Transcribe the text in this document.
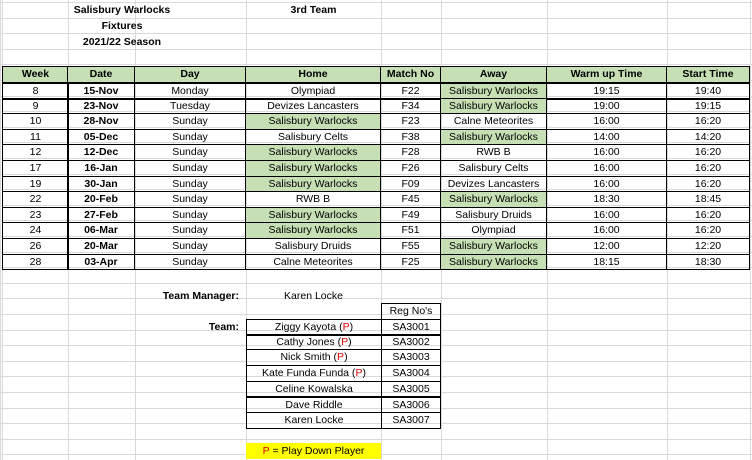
Salisbury Warlocks	3rd Team
Fixtures
2021/22 Season
Week	Date	Day	Home	Match No	Away	Warm up Time	Start Time
8	15-Nov	Monday	Olympiad	F22	Salisbury Warlocks	19:15	19:40
9	23-Nov	Tuesday	Devizes Lancasters	F34	Salisbury Warlocks	19:00	19:15
10	28-Nov	Sunday	Salisbury Warlocks	F23	Calne Meteorites	16:00	16:20
11	05-Dec	Sunday	Salisbury Celts	F38	Salisbury Warlocks	14:00	14:20
12	12-Dec	Sunday	Salisbury Warlocks	F28	RWB B	16:00	16:20
17	16-Jan	Sunday	Salisbury Warlocks	F26	Salisbury Celts	16:00	16:20
19	30-Jan	Sunday	Salisbury Warlocks	F09	Devizes Lancasters	16:00	16:20
22	20-Feb	Sunday	RWB B	F45	Salisbury Warlocks	18:30	18:45
23	27-Feb	Sunday	Salisbury Warlocks	F49	Salisbury Druids	16:00	16:20
24	06-Mar	Sunday	Salisbury Warlocks	F51	Olympiad	16:00	16:20
26	20-Mar	Sunday	Salisbury Druids	F55	Salisbury Warlocks	12:00	12:20
28	03-Apr	Sunday	Calne Meteorites	F25	Salisbury Warlocks	18:15	18:30
Team Manager:	Karen Locke
Team:
Reg No's
Ziggy Kayota ( P )	SA3001
Cathy Jones ( P )	SA3002
Nick Smith ( P )	SA3003
Kate Funda Funda ( P )	SA3004
Celine Kowalska	SA3005
Dave Riddle	SA3006
Karen Locke	SA3007
P = Play Down Player
